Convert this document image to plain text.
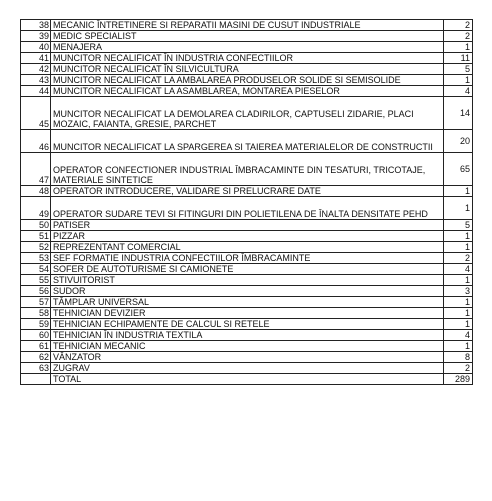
38	MECANIC ÎNTRETINERE SI REPARATII MASINI DE CUSUT INDUSTRIALE	2
39	MEDIC SPECIALIST	2
40	MENAJERA	1
41	MUNCITOR NECALIFICAT ÎN INDUSTRIA CONFECTIILOR	11
42	MUNCITOR NECALIFICAT ÎN SILVICULTURA	5
43	MUNCITOR NECALIFICAT LA AMBALAREA PRODUSELOR SOLIDE SI SEMISOLIDE	1
44	MUNCITOR NECALIFICAT LA ASAMBLAREA, MONTAREA PIESELOR	4
45	MUNCITOR NECALIFICAT LA DEMOLAREA CLADIRILOR, CAPTUSELI ZIDARIE, PLACI MOZAIC, FAIANTA, GRESIE, PARCHET	14
46	MUNCITOR NECALIFICAT LA SPARGEREA SI TAIEREA MATERIALELOR DE CONSTRUCTII	20
47	OPERATOR CONFECTIONER INDUSTRIAL ÎMBRACAMINTE DIN TESATURI, TRICOTAJE, MATERIALE SINTETICE	65
48	OPERATOR INTRODUCERE, VALIDARE SI PRELUCRARE DATE	1
49	OPERATOR SUDARE TEVI SI FITINGURI DIN POLIETILENA DE ÎNALTA DENSITATE PEHD	1
50	PATISER	5
51	PIZZAR	1
52	REPREZENTANT COMERCIAL	1
53	SEF FORMATIE INDUSTRIA CONFECTIILOR ÎMBRACAMINTE	2
54	SOFER DE AUTOTURISME SI CAMIONETE	4
55	STIVUITORIST	1
56	SUDOR	3
57	TÂMPLAR UNIVERSAL	1
58	TEHNICIAN DEVIZIER	1
59	TEHNICIAN ECHIPAMENTE DE CALCUL SI RETELE	1
60	TEHNICIAN ÎN INDUSTRIA TEXTILA	4
61	TEHNICIAN MECANIC	1
62	VÂNZATOR	8
63	ZUGRAV	2
	TOTAL	289
